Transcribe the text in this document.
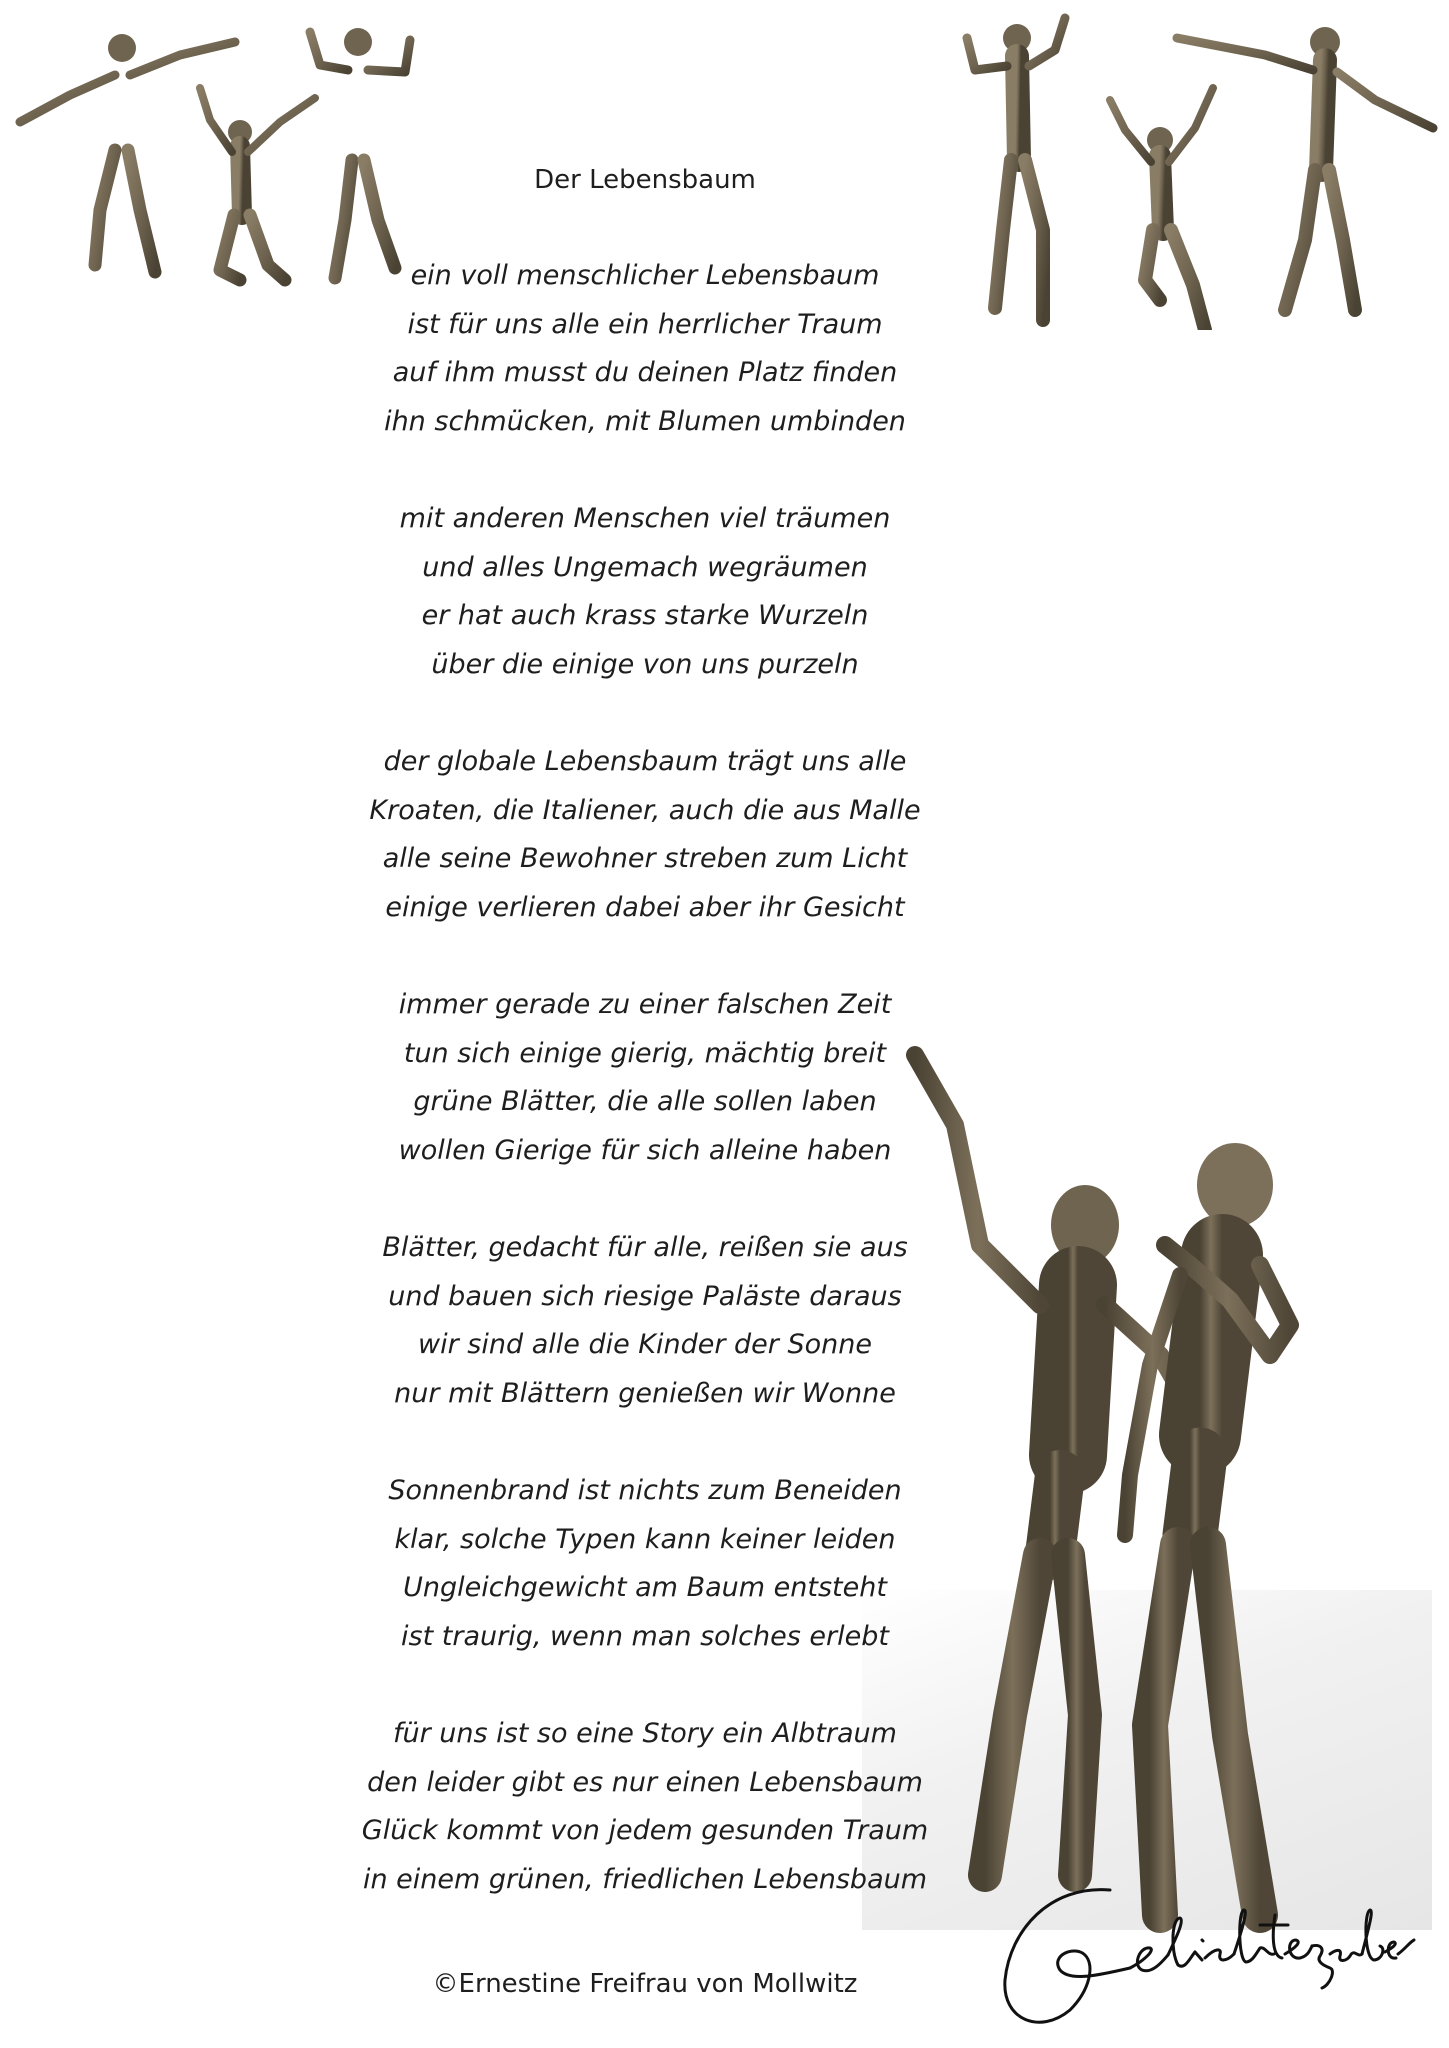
Der Lebensbaum
ein voll menschlicher Lebensbaum
ist für uns alle ein herrlicher Traum
auf ihm musst du deinen Platz finden
ihn schmücken, mit Blumen umbinden
mit anderen Menschen viel träumen
und alles Ungemach wegräumen
er hat auch krass starke Wurzeln
über die einige von uns purzeln
der globale Lebensbaum trägt uns alle
Kroaten, die Italiener, auch die aus Malle
alle seine Bewohner streben zum Licht
einige verlieren dabei aber ihr Gesicht
immer gerade zu einer falschen Zeit
tun sich einige gierig, mächtig breit
grüne Blätter, die alle sollen laben
wollen Gierige für sich alleine haben
Blätter, gedacht für alle, reißen sie aus
und bauen sich riesige Paläste daraus
wir sind alle die Kinder der Sonne
nur mit Blättern genießen wir Wonne
Sonnenbrand ist nichts zum Beneiden
klar, solche Typen kann keiner leiden
Ungleichgewicht am Baum entsteht
ist traurig, wenn man solches erlebt
für uns ist so eine Story ein Albtraum
den leider gibt es nur einen Lebensbaum
Glück kommt von jedem gesunden Traum
in einem grünen, friedlichen Lebensbaum
©Ernestine Freifrau von Mollwitz
